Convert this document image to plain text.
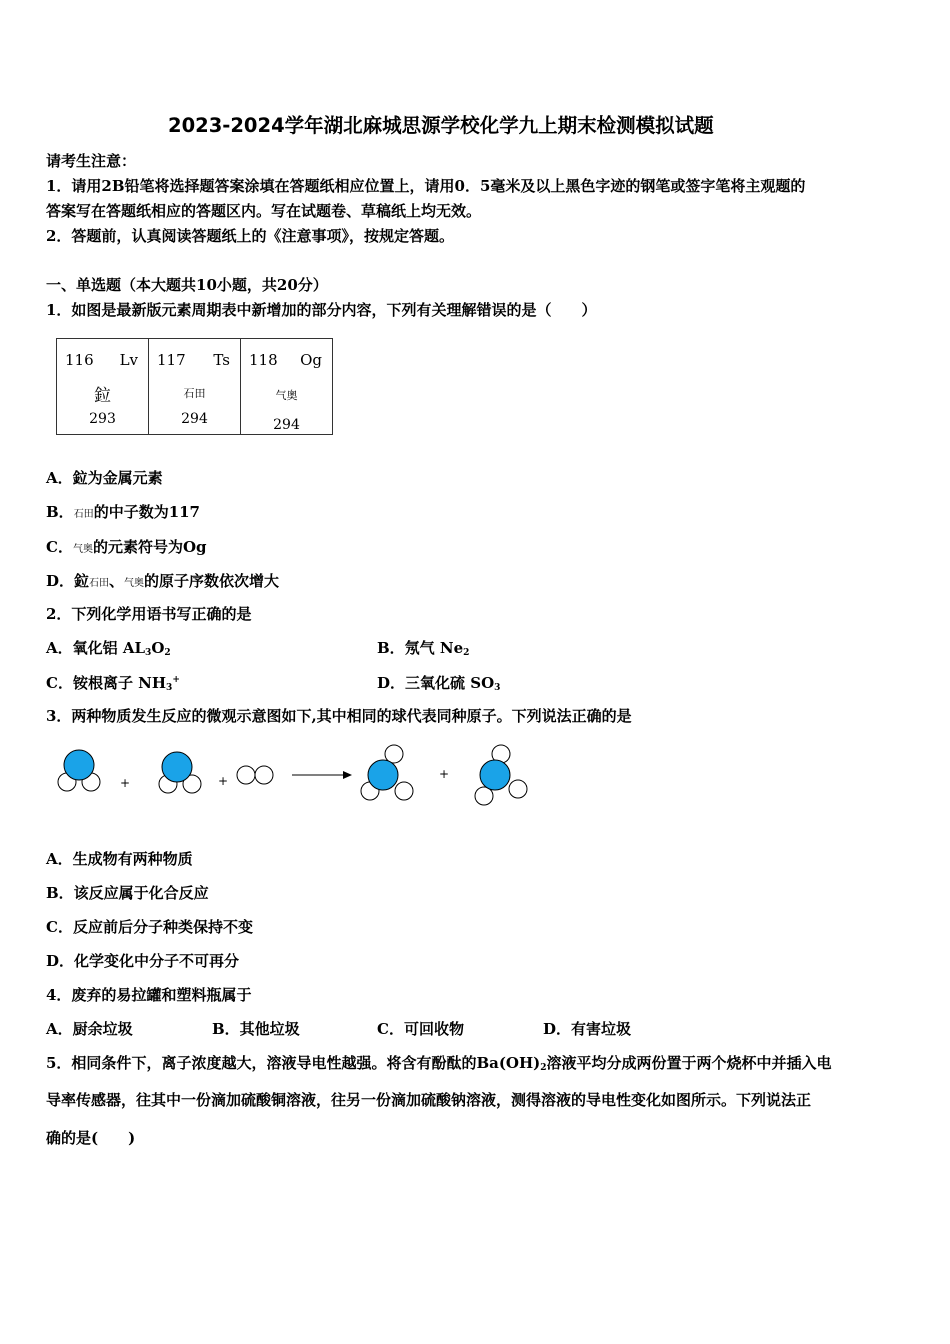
2023-2024学年湖北麻城思源学校化学九上期末检测模拟试题
请考生注意：
1．请用2B铅笔将选择题答案涂填在答题纸相应位置上，请用0．5毫米及以上黑色字迹的钢笔或签字笔将主观题的
答案写在答题纸相应的答题区内。写在试题卷、草稿纸上均无效。
2．答题前，认真阅读答题纸上的《注意事项》，按规定答题。
一、单选题（本大题共10小题，共20分）
1．如图是最新版元素周期表中新增加的部分内容，下列有关理解错误的是（　　）
116 Lv
鉝
293

117 Ts
石田
294

118 Og
气奥
294
A．鉝为金属元素
B．石田的中子数为117
C．气奥的元素符号为Og
D．鉝石田、气奥的原子序数依次增大
2．下列化学用语书写正确的是
A．氧化铝 $AL_3O_2$	B．氖气 $Ne_2$
C．铵根离子 $NH_3^+$	D．三氧化硫 $SO_3$
3．两种物质发生反应的微观示意图如下,其中相同的球代表同种原子。下列说法正确的是
+	+	+
A．生成物有两种物质
B．该反应属于化合反应
C．反应前后分子种类保持不变
D．化学变化中分子不可再分
4．废弃的易拉罐和塑料瓶属于
A．厨余垃圾	B．其他垃圾	C．可回收物	D．有害垃圾
5．相同条件下，离子浓度越大，溶液导电性越强。将含有酚酞的$Ba(OH)_2$溶液平均分成两份置于两个烧杯中并插入电
导率传感器，往其中一份滴加硫酸铜溶液，往另一份滴加硫酸钠溶液，测得溶液的导电性变化如图所示。下列说法正
确的是(　　)
